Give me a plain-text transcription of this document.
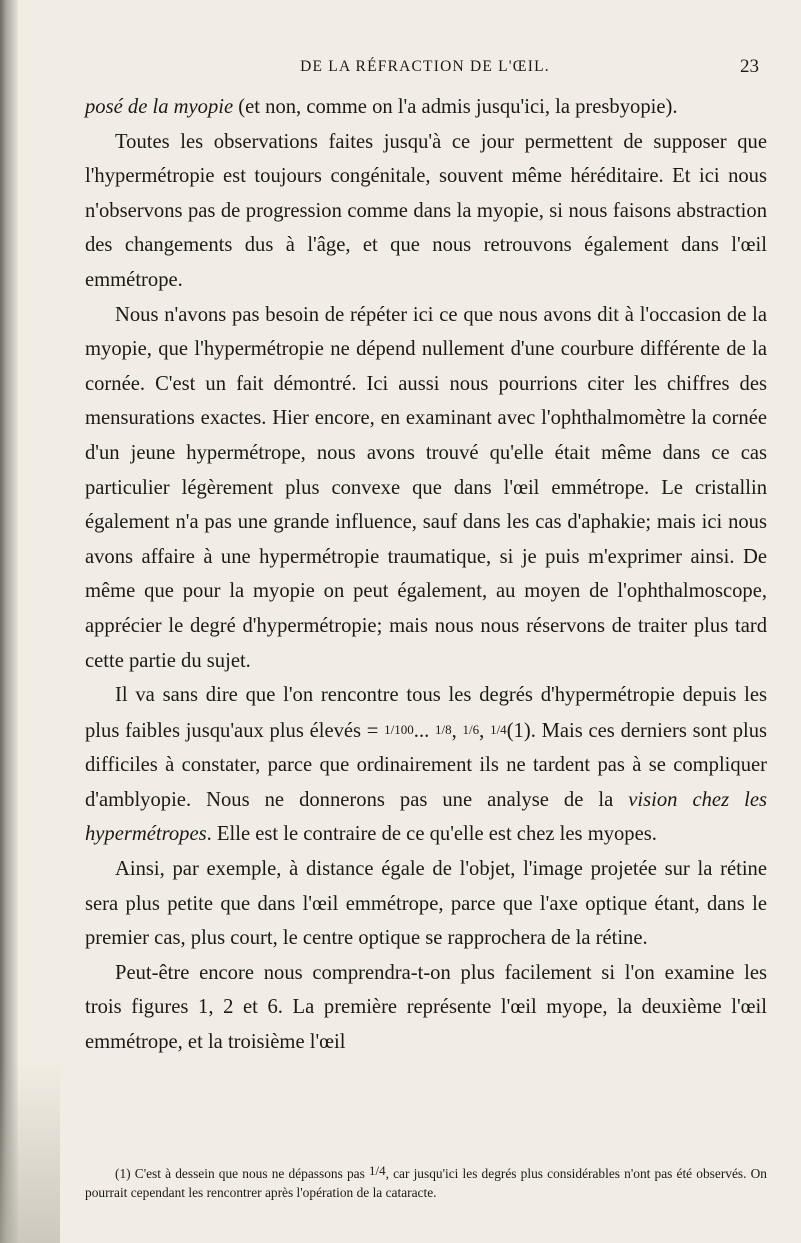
DE LA RÉFRACTION DE L'ŒIL.	23

posé de la myopie (et non, comme on l'a admis jusqu'ici, la presbyopie).

Toutes les observations faites jusqu'à ce jour permettent de supposer que l'hypermétropie est toujours congénitale, souvent même héréditaire. Et ici nous n'observons pas de progression comme dans la myopie, si nous faisons abstraction des changements dus à l'âge, et que nous retrouvons également dans l'œil emmétrope.

Nous n'avons pas besoin de répéter ici ce que nous avons dit à l'occasion de la myopie, que l'hypermétropie ne dépend nullement d'une courbure différente de la cornée. C'est un fait démontré. Ici aussi nous pourrions citer les chiffres des mensurations exactes. Hier encore, en examinant avec l'ophthalmomètre la cornée d'un jeune hypermétrope, nous avons trouvé qu'elle était même dans ce cas particulier légèrement plus convexe que dans l'œil emmétrope. Le cristallin également n'a pas une grande influence, sauf dans les cas d'aphakie; mais ici nous avons affaire à une hypermétropie traumatique, si je puis m'exprimer ainsi. De même que pour la myopie on peut également, au moyen de l'ophthalmoscope, apprécier le degré d'hypermétropie; mais nous nous réservons de traiter plus tard cette partie du sujet.

Il va sans dire que l'on rencontre tous les degrés d'hypermétropie depuis les plus faibles jusqu'aux plus élevés = 1/100... 1/8, 1/6, 1/4(1). Mais ces derniers sont plus difficiles à constater, parce que ordinairement ils ne tardent pas à se compliquer d'amblyopie. Nous ne donnerons pas une analyse de la vision chez les hypermétropes. Elle est le contraire de ce qu'elle est chez les myopes.

Ainsi, par exemple, à distance égale de l'objet, l'image projetée sur la rétine sera plus petite que dans l'œil emmétrope, parce que l'axe optique étant, dans le premier cas, plus court, le centre optique se rapprochera de la rétine.

Peut-être encore nous comprendra-t-on plus facilement si l'on examine les trois figures 1, 2 et 6. La première représente l'œil myope, la deuxième l'œil emmétrope, et la troisième l'œil

(1) C'est à dessein que nous ne dépassons pas 1/4, car jusqu'ici les degrés plus considérables n'ont pas été observés. On pourrait cependant les rencontrer après l'opération de la cataracte.
